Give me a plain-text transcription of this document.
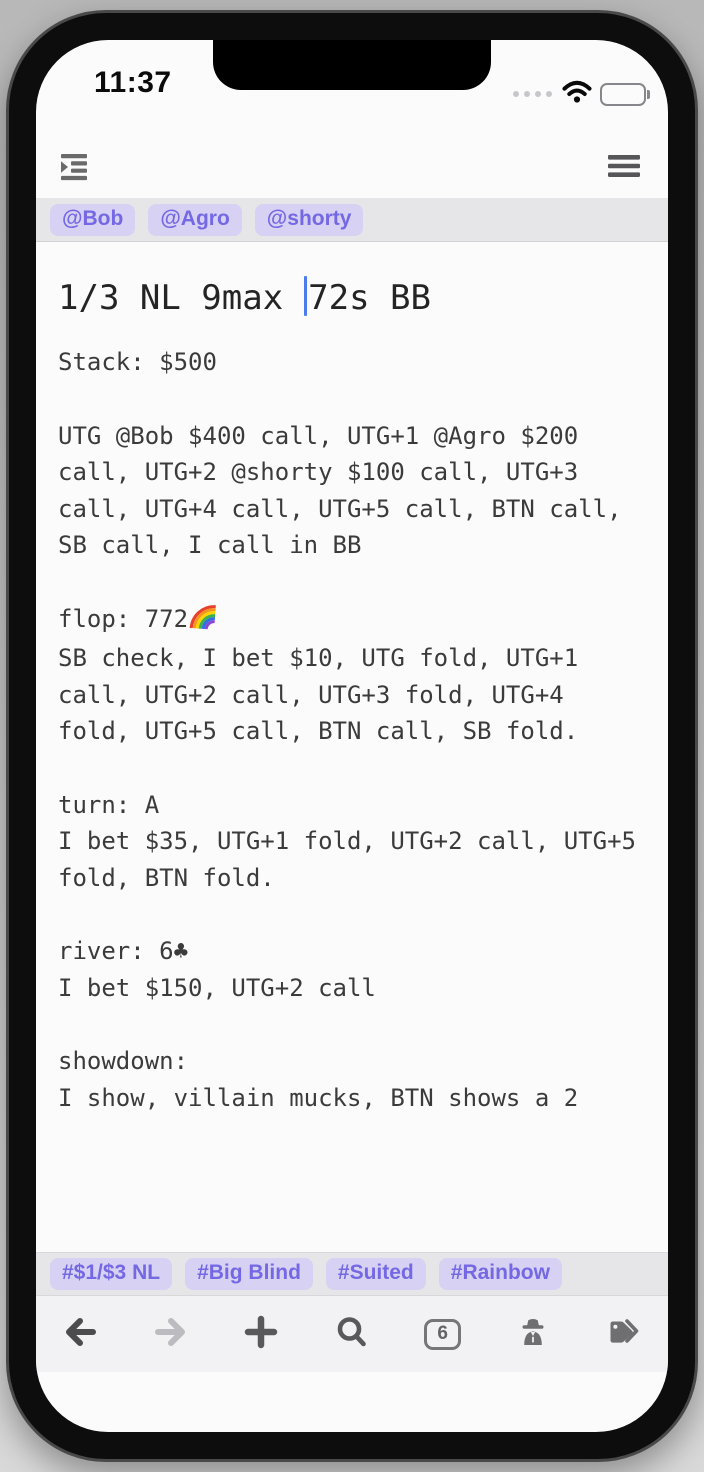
11:37
@Bob	@Agro	@shorty
1/3 NL 9max 72s BB

Stack: $500

UTG @Bob $400 call, UTG+1 @Agro $200 call, UTG+2 @shorty $100 call, UTG+3 call, UTG+4 call, UTG+5 call, BTN call, SB call, I call in BB

flop: 772
SB check, I bet $10, UTG fold, UTG+1 call, UTG+2 call, UTG+3 fold, UTG+4 fold, UTG+5 call, BTN call, SB fold.

turn: A
I bet $35, UTG+1 fold, UTG+2 call, UTG+5 fold, BTN fold.

river: 6♣
I bet $150, UTG+2 call

showdown:
I show, villain mucks, BTN shows a 2

#$1/$3 NL	#Big Blind	#Suited	#Rainbow
6
